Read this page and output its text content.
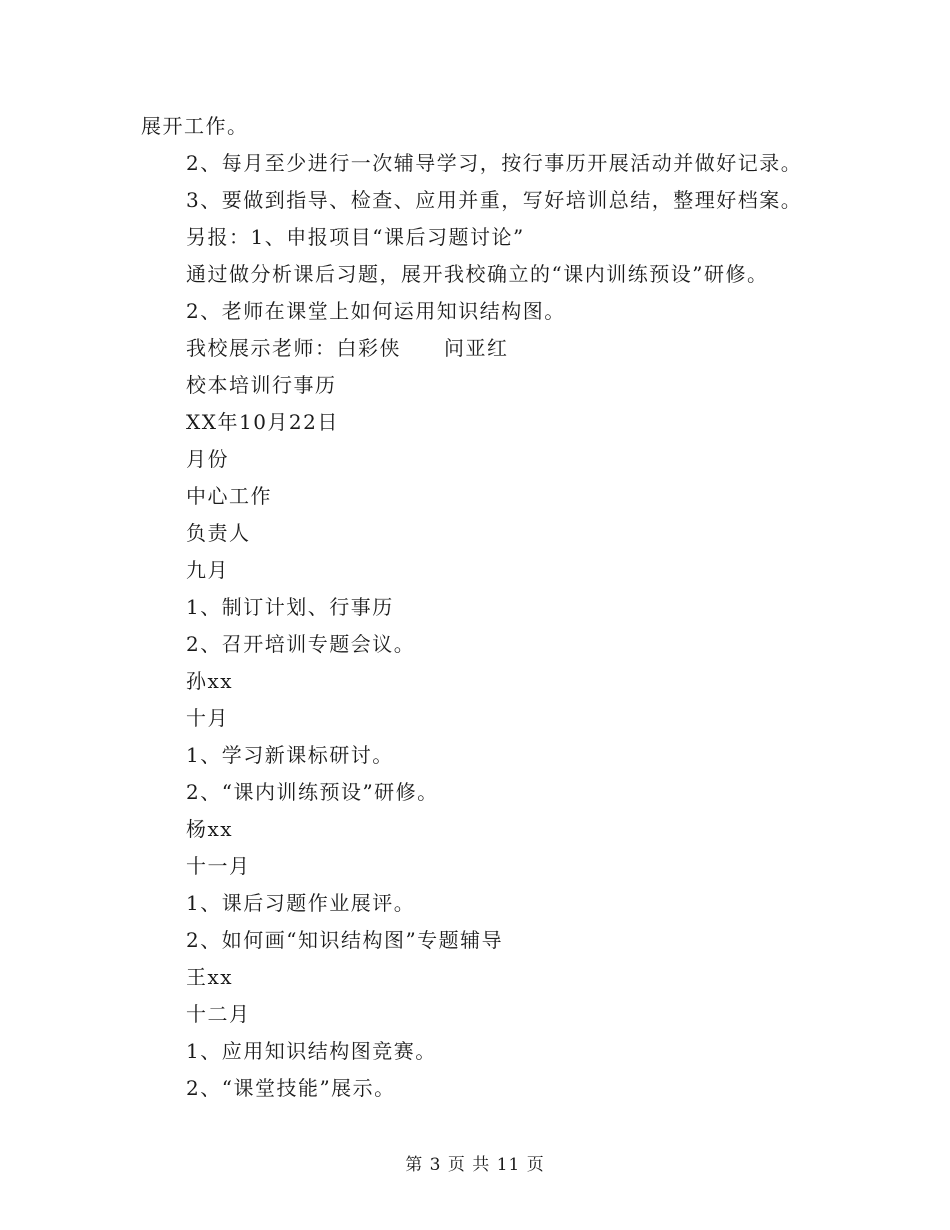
展开工作。
2、每月至少进行一次辅导学习，按行事历开展活动并做好记录。
3、要做到指导、检查、应用并重，写好培训总结，整理好档案。
另报：1、申报项目“课后习题讨论”
通过做分析课后习题，展开我校确立的“课内训练预设”研修。
2、老师在课堂上如何运用知识结构图。
我校展示老师：白彩侠　　问亚红
校本培训行事历
XX年10月22日
月份
中心工作
负责人
九月
1、制订计划、行事历
2、召开培训专题会议。
孙xx
十月
1、学习新课标研讨。
2、“课内训练预设”研修。
杨xx
十一月
1、课后习题作业展评。
2、如何画“知识结构图”专题辅导
王xx
十二月
1、应用知识结构图竞赛。
2、“课堂技能”展示。
第 3 页 共 11 页
